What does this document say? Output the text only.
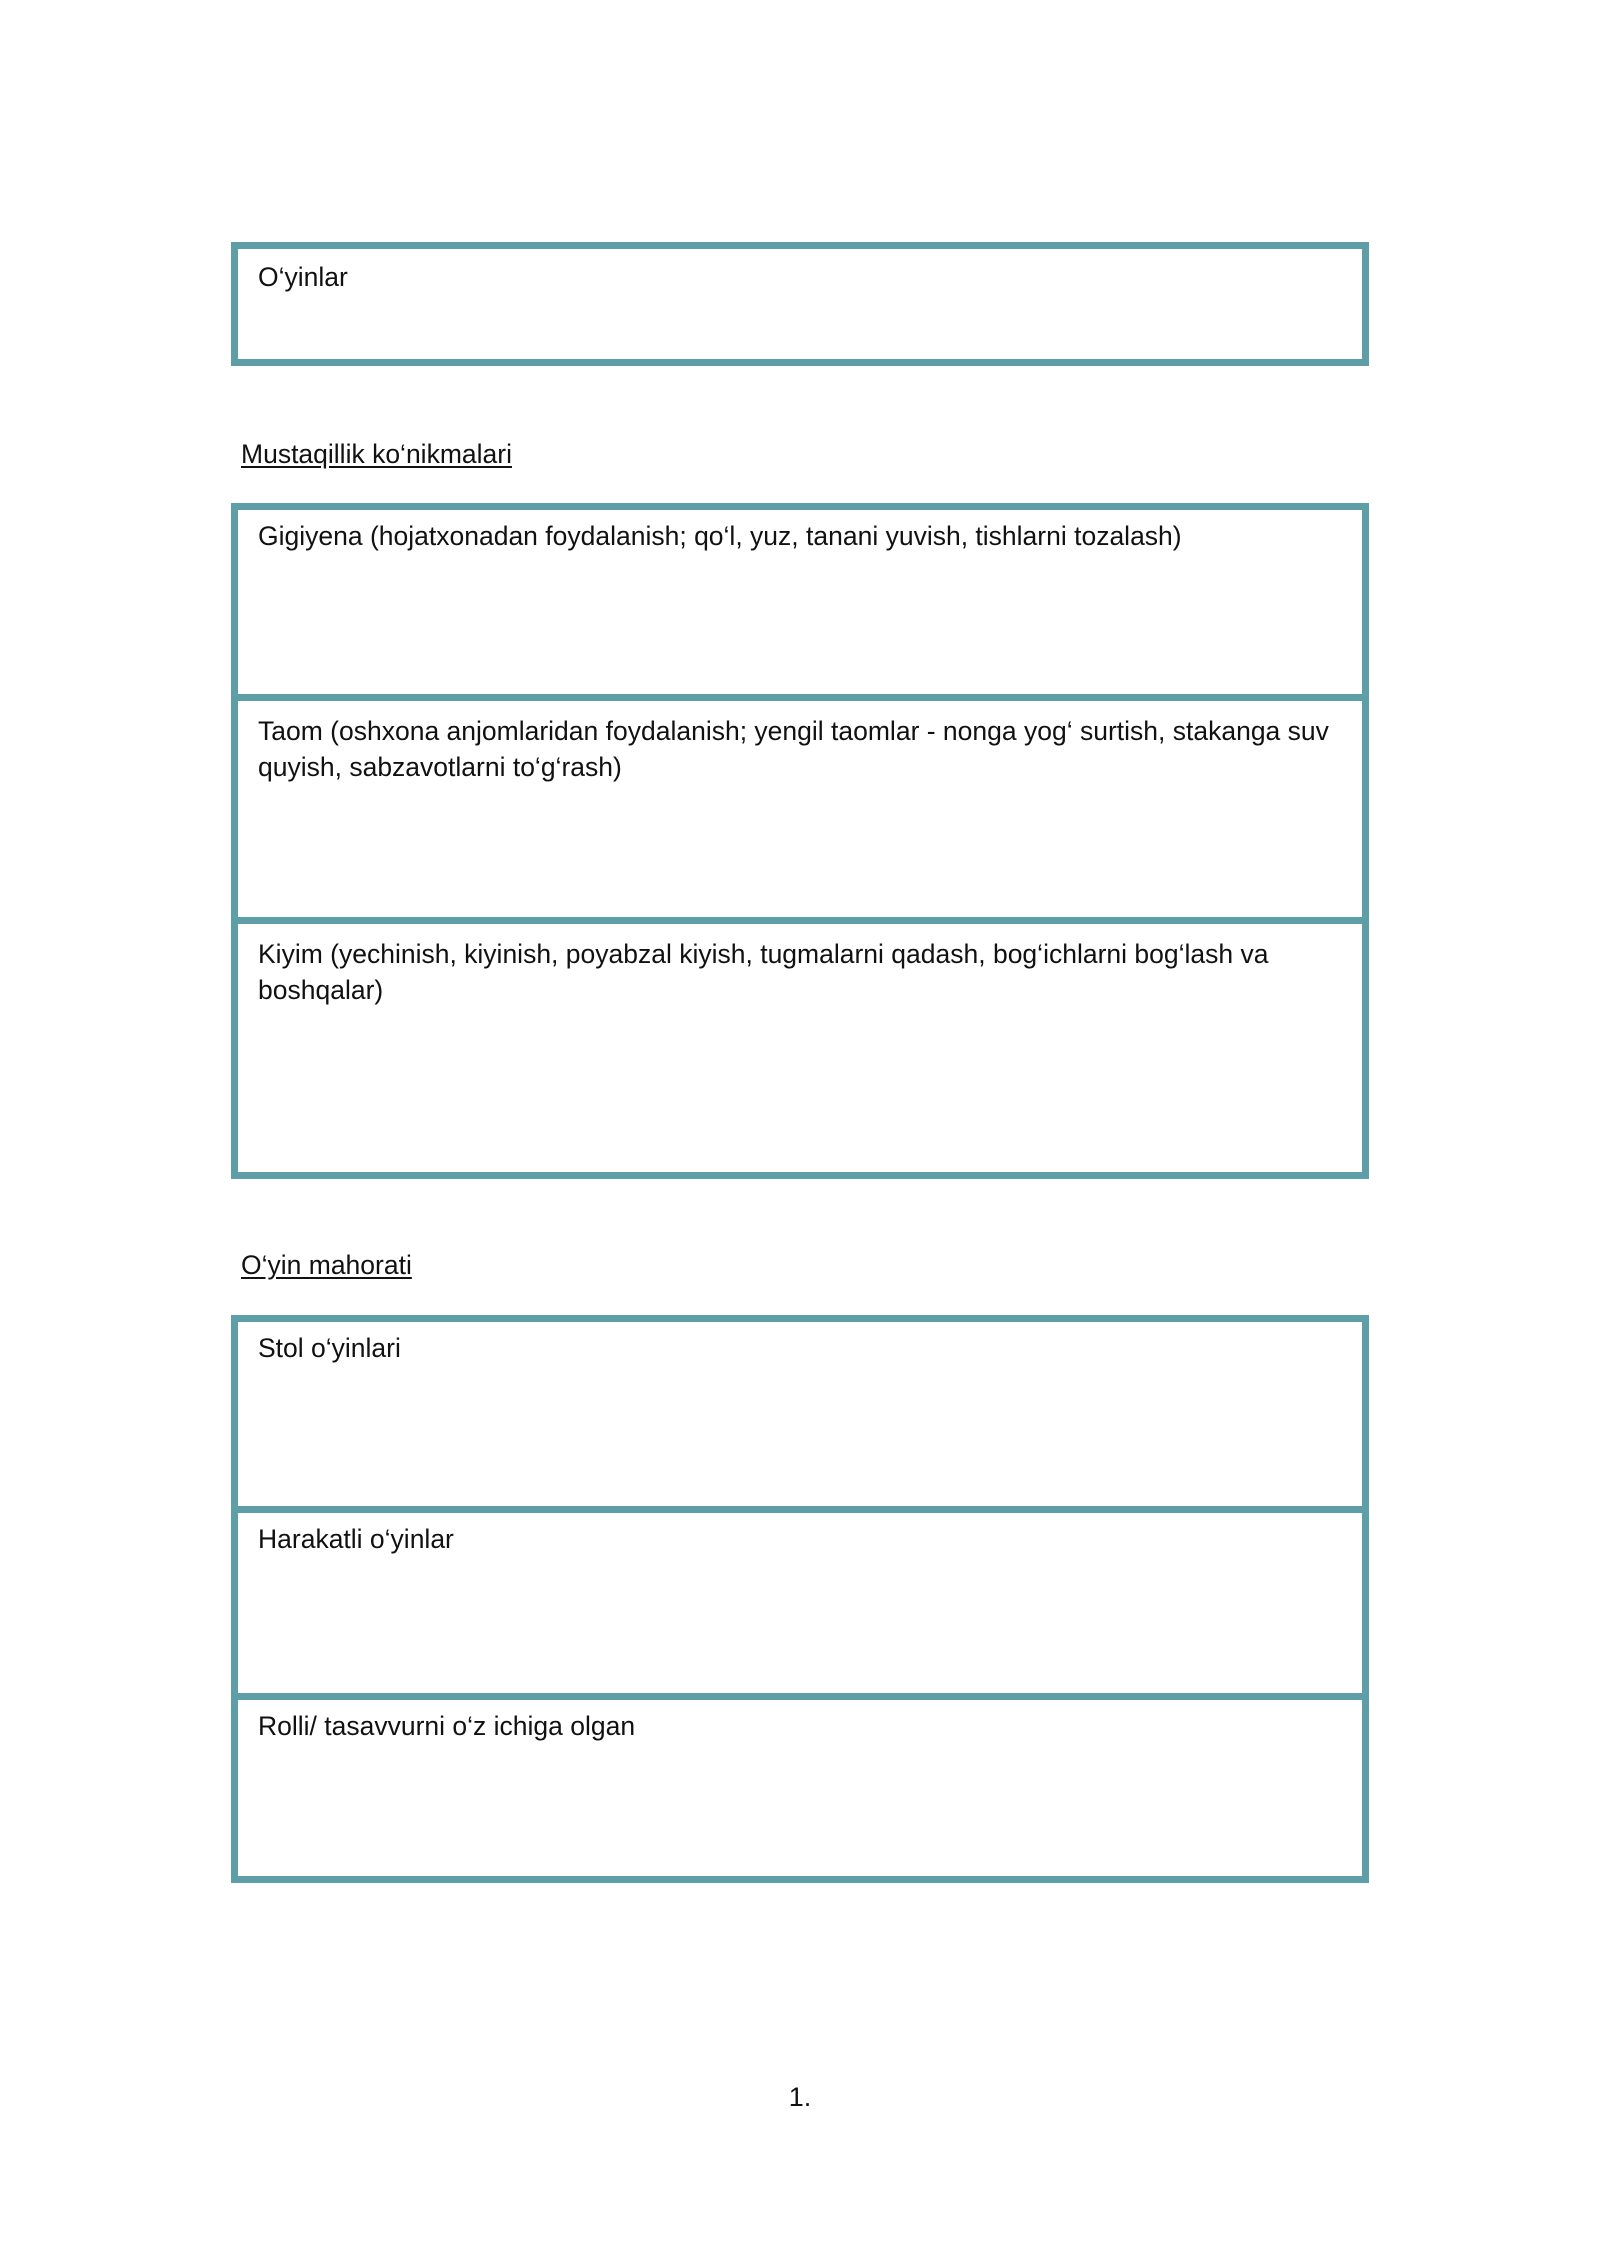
O‘yinlar
Mustaqillik ko‘nikmalari
Gigiyena (hojatxonadan foydalanish; qo‘l, yuz, tanani yuvish, tishlarni tozalash)
Taom (oshxona anjomlaridan foydalanish; yengil taomlar - nonga yog‘ surtish, stakanga suv quyish, sabzavotlarni to‘g‘rash)
Kiyim (yechinish, kiyinish, poyabzal kiyish, tugmalarni qadash, bog‘ichlarni bog‘lash va boshqalar)
O‘yin mahorati
Stol o‘yinlari
Harakatli o‘yinlar
Rolli/ tasavvurni o‘z ichiga olgan
1.
